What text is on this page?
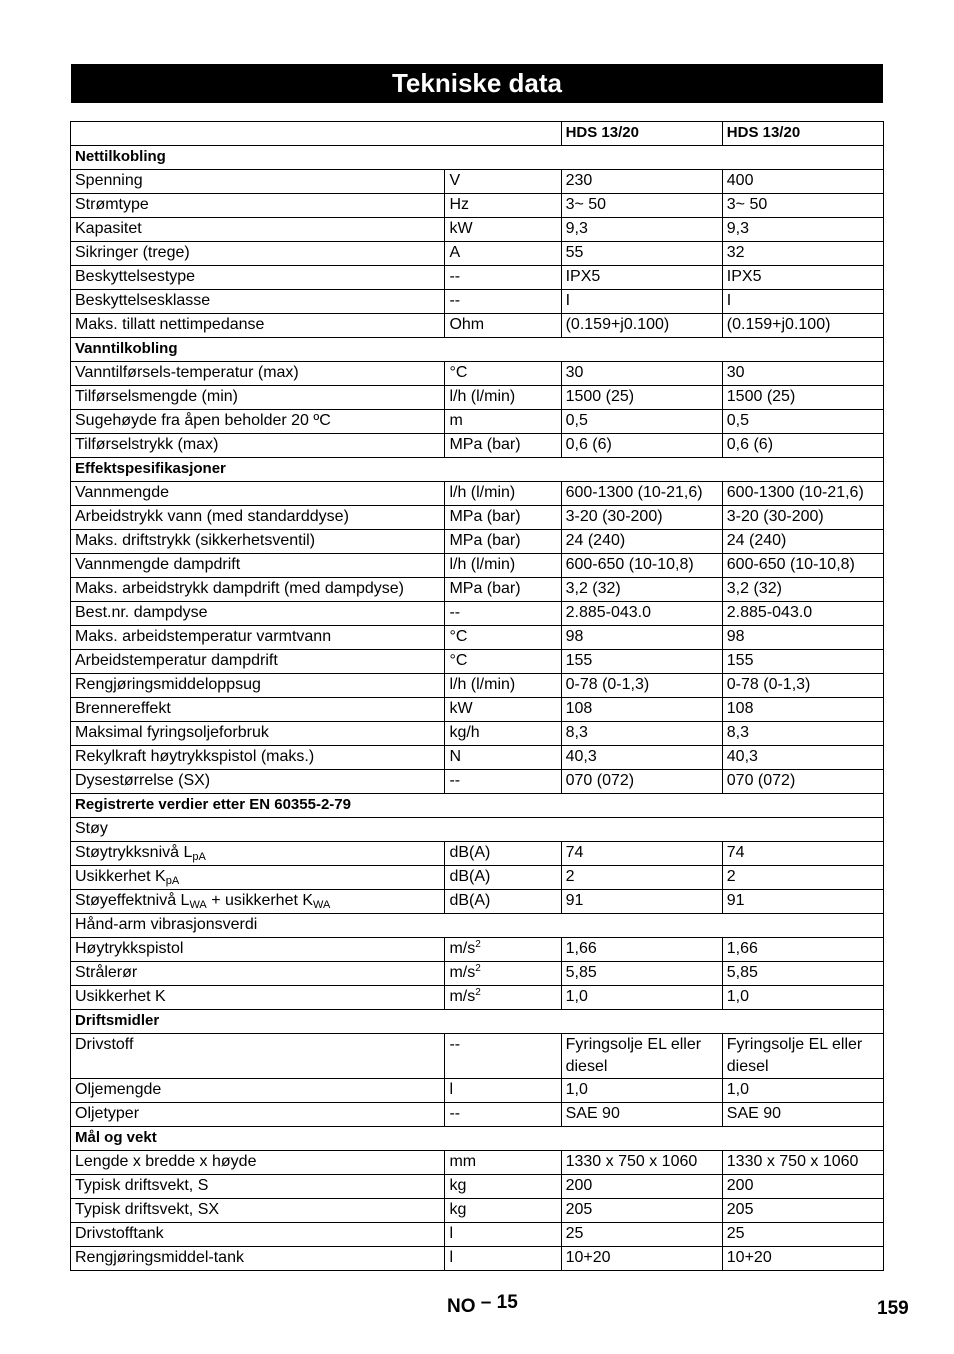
Tekniske data
		HDS 13/20	HDS 13/20
Nettilkobling			
Spenning	V	230	400
Strømtype	Hz	3~ 50	3~ 50
Kapasitet	kW	9,3	9,3
Sikringer (trege)	A	55	32
Beskyttelsestype	--	IPX5	IPX5
Beskyttelsesklasse	--	I	I
Maks. tillatt nettimpedanse	Ohm	(0.159+j0.100)	(0.159+j0.100)
Vanntilkobling			
Vanntilførsels-temperatur (max)	°C	30	30
Tilførselsmengde (min)	l/h (l/min)	1500 (25)	1500 (25)
Sugehøyde fra åpen beholder 20 ºC	m	0,5	0,5
Tilførselstrykk (max)	MPa (bar)	0,6 (6)	0,6 (6)
Effektspesifikasjoner			
Vannmengde	l/h (l/min)	600-1300 (10-21,6)	600-1300 (10-21,6)
Arbeidstrykk vann (med standarddyse)	MPa (bar)	3-20 (30-200)	3-20 (30-200)
Maks. driftstrykk (sikkerhetsventil)	MPa (bar)	24 (240)	24 (240)
Vannmengde dampdrift	l/h (l/min)	600-650 (10-10,8)	600-650 (10-10,8)
Maks. arbeidstrykk dampdrift (med dampdyse)	MPa (bar)	3,2 (32)	3,2 (32)
Best.nr. dampdyse	--	2.885-043.0	2.885-043.0
Maks. arbeidstemperatur varmtvann	°C	98	98
Arbeidstemperatur dampdrift	°C	155	155
Rengjøringsmiddeloppsug	l/h (l/min)	0-78 (0-1,3)	0-78 (0-1,3)
Brennereffekt	kW	108	108
Maksimal fyringsoljeforbruk	kg/h	8,3	8,3
Rekylkraft høytrykkspistol (maks.)	N	40,3	40,3
Dysestørrelse (SX)	--	070 (072)	070 (072)
Registrerte verdier etter EN 60355-2-79			
Støy			
Støytrykksnivå $L_{pA}$	dB(A)	74	74
Usikkerhet $K_{pA}$	dB(A)	2	2
Støyeffektnivå $L_{WA}$ + usikkerhet $K_{WA}$	dB(A)	91	91
Hånd-arm vibrasjonsverdi			
Høytrykkspistol	$m/s^2$	1,66	1,66
Strålerør	$m/s^2$	5,85	5,85
Usikkerhet K	$m/s^2$	1,0	1,0
Driftsmidler			
Drivstoff	--	Fyringsolje EL eller diesel	Fyringsolje EL eller diesel
Oljemengde	l	1,0	1,0
Oljetyper	--	SAE 90	SAE 90
Mål og vekt			
Lengde x bredde x høyde	mm	1330 x 750 x 1060	1330 x 750 x 1060
Typisk driftsvekt, S	kg	200	200
Typisk driftsvekt, SX	kg	205	205
Drivstofftank	l	25	25
Rengjøringsmiddel-tank	l	10+20	10+20
NO – 15	159
